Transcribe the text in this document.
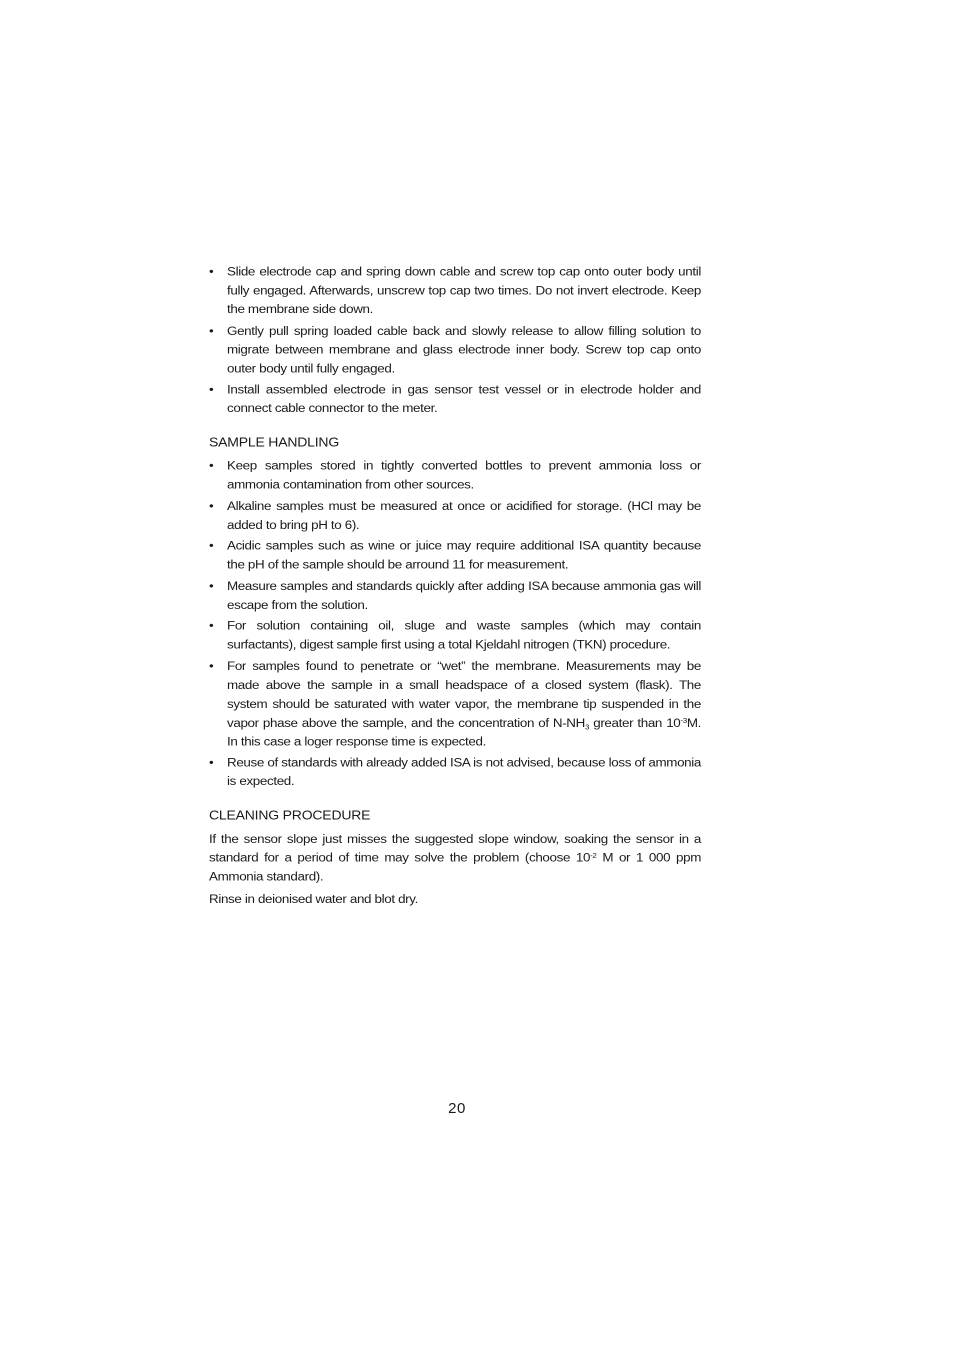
• Slide electrode cap and spring down cable and screw top cap onto outer body until fully engaged. Afterwards, unscrew top cap two times. Do not invert electrode. Keep the membrane side down.
• Gently pull spring loaded cable back and slowly release to allow filling solution to migrate between membrane and glass electrode inner body. Screw top cap onto outer body until fully engaged.
• Install assembled electrode in gas sensor test vessel or in electrode holder and connect cable connector to the meter.
SAMPLE HANDLING
• Keep samples stored in tightly converted bottles to prevent ammonia loss or ammonia contamination from other sources.
• Alkaline samples must be measured at once or acidified for storage. (HCl may be added to bring pH to 6).
• Acidic samples such as wine or juice may require additional ISA quantity because the pH of the sample should be arround 11 for measurement.
• Measure samples and standards quickly after adding ISA because ammonia gas will escape from the solution.
• For solution containing oil, sluge and waste samples (which may contain surfactants), digest sample first using a total Kjeldahl nitrogen (TKN) procedure.
• For samples found to penetrate or “wet” the membrane. Measurements may be made above the sample in a small headspace of a closed system (flask). The system should be saturated with water vapor, the membrane tip suspended in the vapor phase above the sample, and the concentration of $N-NH_3$ greater than $10^{-3}M$. In this case a loger response time is expected.
• Reuse of standards with already added ISA is not advised, because loss of ammonia is expected.
CLEANING PROCEDURE

If the sensor slope just misses the suggested slope window, soaking the sensor in a standard for a period of time may solve the problem (choose $10^{-2}$ M or 1 000 ppm Ammonia standard).

Rinse in deionised water and blot dry.

20
